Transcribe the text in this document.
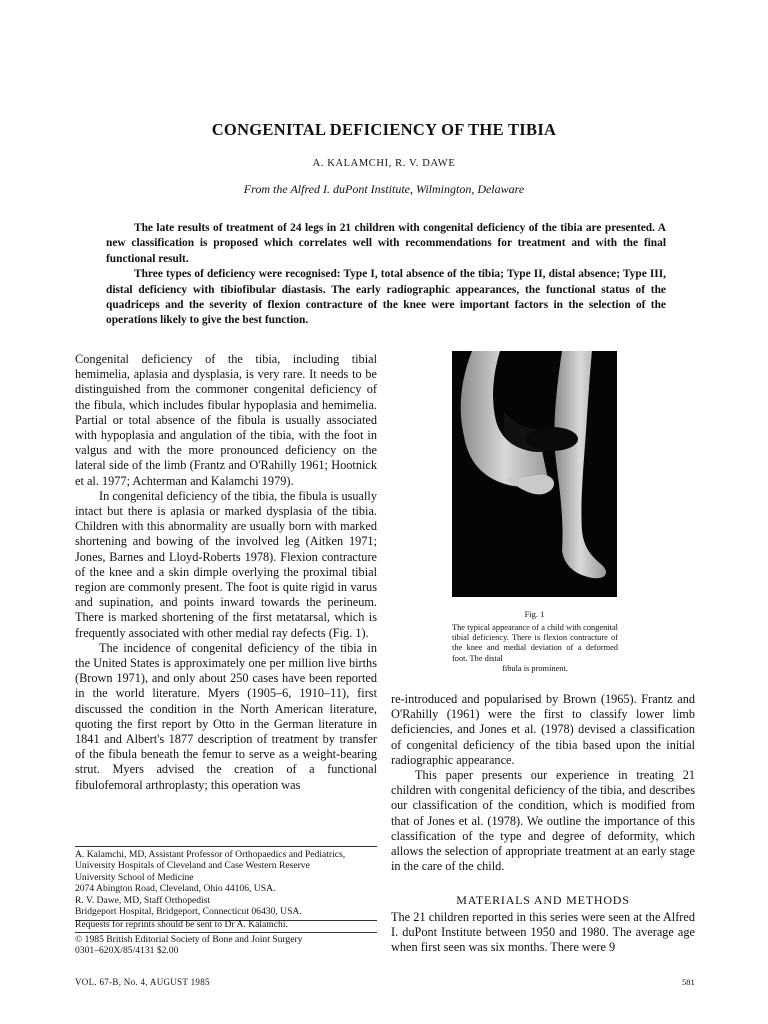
CONGENITAL DEFICIENCY OF THE TIBIA
A. KALAMCHI, R. V. DAWE
From the Alfred I. duPont Institute, Wilmington, Delaware

The late results of treatment of 24 legs in 21 children with congenital deficiency of the tibia are presented. A new classification is proposed which correlates well with recommendations for treatment and with the final functional result.

Three types of deficiency were recognised: Type I, total absence of the tibia; Type II, distal absence; Type III, distal deficiency with tibiofibular diastasis. The early radiographic appearances, the functional status of the quadriceps and the severity of flexion contracture of the knee were important factors in the selection of the operations likely to give the best function.

Congenital deficiency of the tibia, including tibial hemimelia, aplasia and dysplasia, is very rare. It needs to be distinguished from the commoner congenital deficiency of the fibula, which includes fibular hypoplasia and hemimelia. Partial or total absence of the fibula is usually associated with hypoplasia and angulation of the tibia, with the foot in valgus and with the more pronounced deficiency on the lateral side of the limb (Frantz and O'Rahilly 1961; Hootnick et al. 1977; Achterman and Kalamchi 1979).

In congenital deficiency of the tibia, the fibula is usually intact but there is aplasia or marked dysplasia of the tibia. Children with this abnormality are usually born with marked shortening and bowing of the involved leg (Aitken 1971; Jones, Barnes and Lloyd-Roberts 1978). Flexion contracture of the knee and a skin dimple overlying the proximal tibial region are commonly present. The foot is quite rigid in varus and supination, and points inward towards the perineum. There is marked shortening of the first metatarsal, which is frequently associated with other medial ray defects (Fig. 1).

The incidence of congenital deficiency of the tibia in the United States is approximately one per million live births (Brown 1971), and only about 250 cases have been reported in the world literature. Myers (1905–6, 1910–11), first discussed the condition in the North American literature, quoting the first report by Otto in the German literature in 1841 and Albert's 1877 description of treatment by transfer of the fibula beneath the femur to serve as a weight-bearing strut. Myers advised the creation of a functional fibulofemoral arthroplasty; this operation was

Fig. 1
The typical appearance of a child with congenital tibial deficiency. There is flexion contracture of the knee and medial deviation of a deformed foot. The distal
fibula is prominent.
A. Kalamchi, MD, Assistant Professor of Orthopaedics and Pediatrics,
University Hospitals of Cleveland and Case Western Reserve
University School of Medicine
2074 Abington Road, Cleveland, Ohio 44106, USA.
R. V. Dawe, MD, Staff Orthopedist
Bridgeport Hospital, Bridgeport, Connecticut 06430, USA.
Requests for reprints should be sent to Dr A. Kalamchi.
© 1985 British Editorial Society of Bone and Joint Surgery
0301–620X/85/4131 $2.00

re-introduced and popularised by Brown (1965). Frantz and O'Rahilly (1961) were the first to classify lower limb deficiencies, and Jones et al. (1978) devised a classification of congenital deficiency of the tibia based upon the initial radiographic appearance.

This paper presents our experience in treating 21 children with congenital deficiency of the tibia, and describes our classification of the condition, which is modified from that of Jones et al. (1978). We outline the importance of this classification of the type and degree of deformity, which allows the selection of appropriate treatment at an early stage in the care of the child.

MATERIALS AND METHODS

The 21 children reported in this series were seen at the Alfred I. duPont Institute between 1950 and 1980. The average age when first seen was six months. There were 9

VOL. 67-B, No. 4, AUGUST 1985	581
